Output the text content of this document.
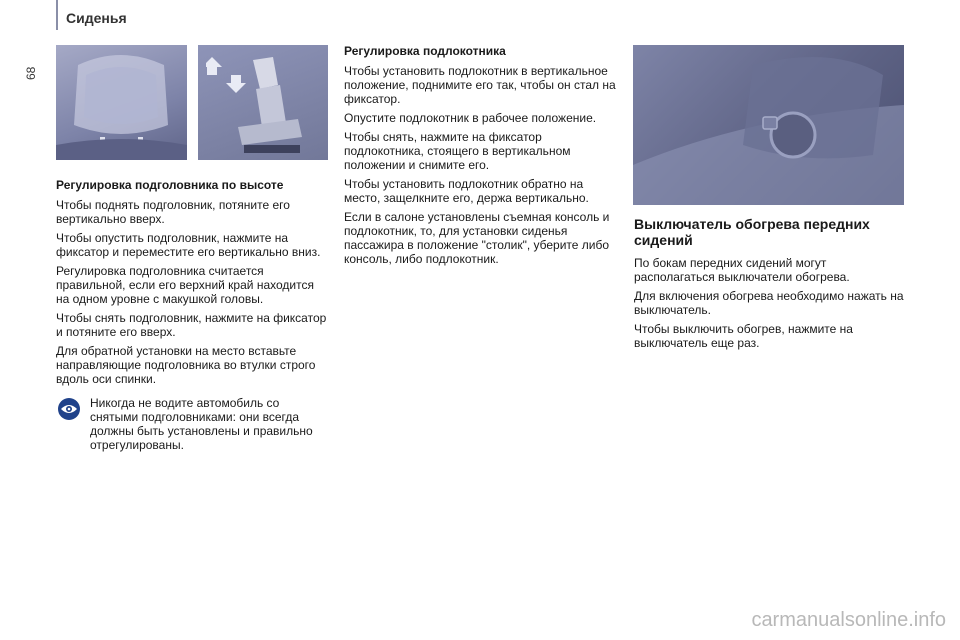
Сиденья
68
Регулировка подголовника по высоте

Чтобы поднять подголовник, потяните его вертикально вверх.

Чтобы опустить подголовник, нажмите на фиксатор и переместите его вертикально вниз.

Регулировка подголовника считается правильной, если его верхний край находится на одном уровне с макушкой головы.

Чтобы снять подголовник, нажмите на фиксатор и потяните его вверх.

Для обратной установки на место вставьте направляющие подголовника во втулки строго вдоль оси спинки.

Никогда не водите автомобиль со снятыми подголовниками: они всегда должны быть установлены и правильно отрегулированы.
Регулировка подлокотника

Чтобы установить подлокотник в вертикальное положение, поднимите его так, чтобы он стал на фиксатор.

Опустите подлокотник в рабочее положение.

Чтобы снять, нажмите на фиксатор подлокотника, стоящего в вертикальном положении и снимите его.

Чтобы установить подлокотник обратно на место, защелкните его, держа вертикально.

Если в салоне установлены съемная консоль и подлокотник, то, для установки сиденья пассажира в положение "столик", уберите либо консоль, либо подлокотник.

Выключатель обогрева передних сидений

По бокам передних сидений могут располагаться выключатели обогрева.

Для включения обогрева необходимо нажать на выключатель.

Чтобы выключить обогрев, нажмите на выключатель еще раз.

carmanualsonline.info
